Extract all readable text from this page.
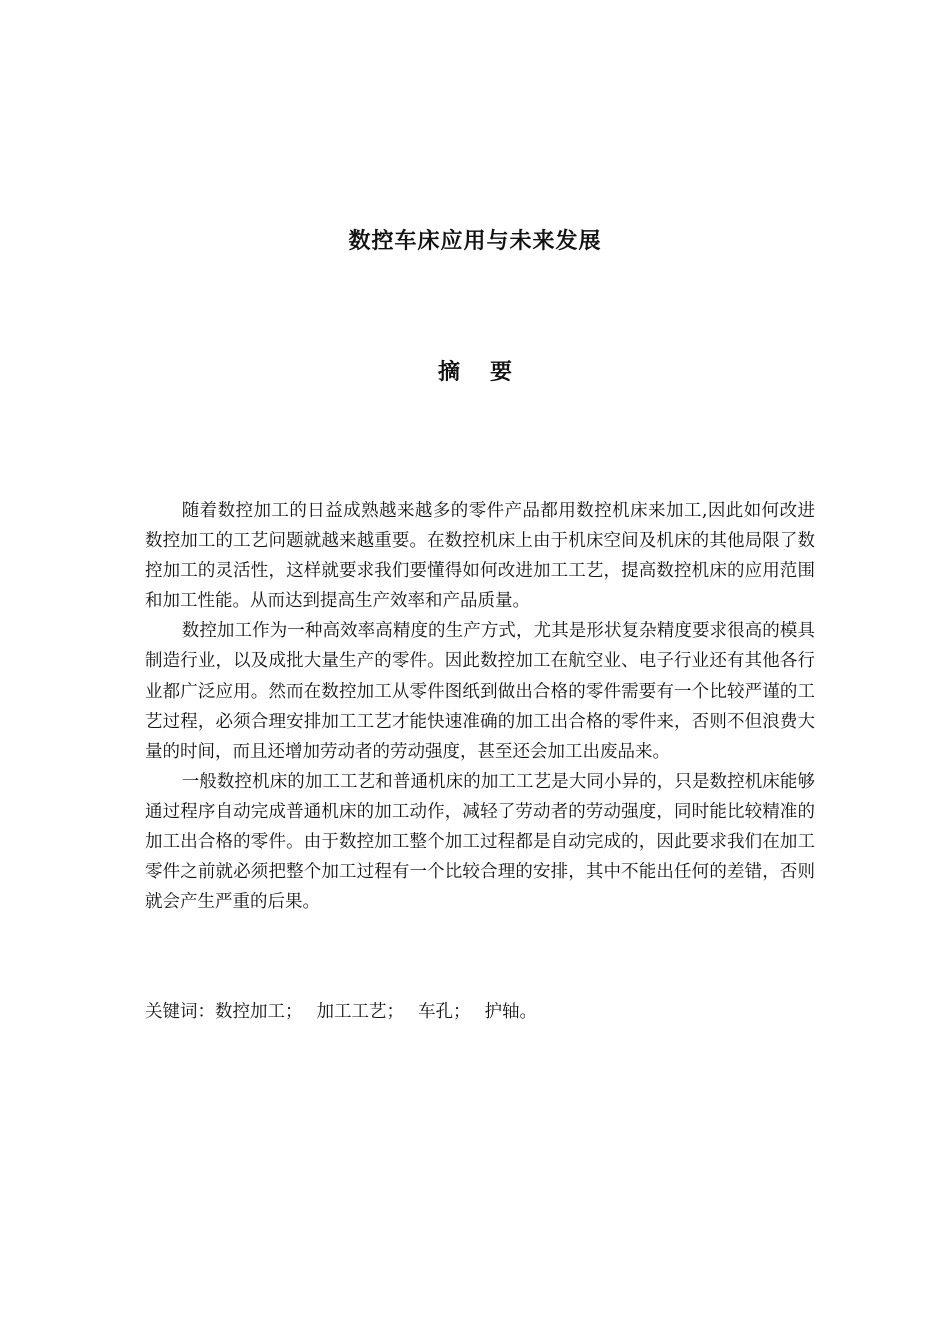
数控车床应用与未来发展
摘 要

随着数控加工的日益成熟越来越多的零件产品都用数控机床来加工,因此如何改进数控加工的工艺问题就越来越重要。在数控机床上由于机床空间及机床的其他局限了数控加工的灵活性，这样就要求我们要懂得如何改进加工工艺，提高数控机床的应用范围和加工性能。从而达到提高生产效率和产品质量。

数控加工作为一种高效率高精度的生产方式，尤其是形状复杂精度要求很高的模具制造行业，以及成批大量生产的零件。因此数控加工在航空业、电子行业还有其他各行业都广泛应用。然而在数控加工从零件图纸到做出合格的零件需要有一个比较严谨的工艺过程，必须合理安排加工工艺才能快速准确的加工出合格的零件来，否则不但浪费大量的时间，而且还增加劳动者的劳动强度，甚至还会加工出废品来。

一般数控机床的加工工艺和普通机床的加工工艺是大同小异的，只是数控机床能够通过程序自动完成普通机床的加工动作，减轻了劳动者的劳动强度，同时能比较精准的加工出合格的零件。由于数控加工整个加工过程都是自动完成的，因此要求我们在加工零件之前就必须把整个加工过程有一个比较合理的安排，其中不能出任何的差错，否则就会产生严重的后果。

关键词：数控加工； 加工工艺； 车孔； 护轴。
